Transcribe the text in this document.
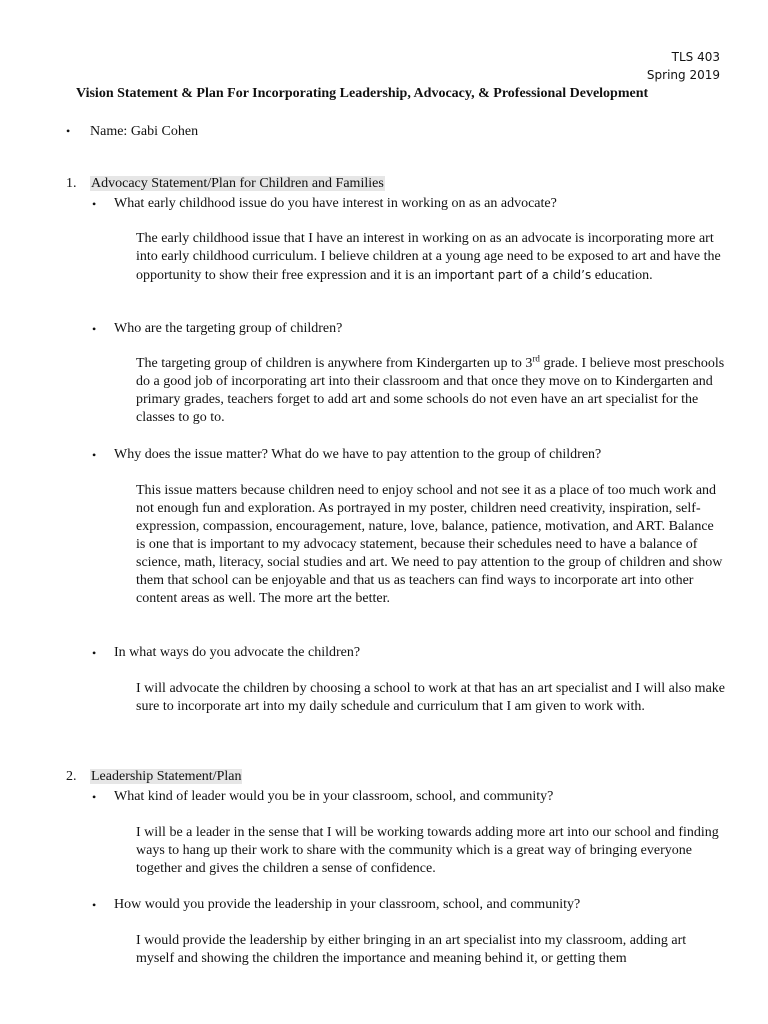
TLS 403
Spring 2019
Vision Statement & Plan For Incorporating Leadership, Advocacy, & Professional Development
• Name: Gabi Cohen
1. Advocacy Statement/Plan for Children and Families
• What early childhood issue do you have interest in working on as an advocate?
The early childhood issue that I have an interest in working on as an advocate is incorporating more art into early childhood curriculum. I believe children at a young age need to be exposed to art and have the opportunity to show their free expression and it is an important part of a child’s education.
• Who are the targeting group of children?
The targeting group of children is anywhere from Kindergarten up to 3rd grade. I believe most preschools do a good job of incorporating art into their classroom and that once they move on to Kindergarten and primary grades, teachers forget to add art and some schools do not even have an art specialist for the classes to go to.
• Why does the issue matter? What do we have to pay attention to the group of children?
This issue matters because children need to enjoy school and not see it as a place of too much work and not enough fun and exploration. As portrayed in my poster, children need creativity, inspiration, self-expression, compassion, encouragement, nature, love, balance, patience, motivation, and ART. Balance is one that is important to my advocacy statement, because their schedules need to have a balance of science, math, literacy, social studies and art. We need to pay attention to the group of children and show them that school can be enjoyable and that us as teachers can find ways to incorporate art into other content areas as well. The more art the better.
• In what ways do you advocate the children?
I will advocate the children by choosing a school to work at that has an art specialist and I will also make sure to incorporate art into my daily schedule and curriculum that I am given to work with.
2. Leadership Statement/Plan
• What kind of leader would you be in your classroom, school, and community?
I will be a leader in the sense that I will be working towards adding more art into our school and finding ways to hang up their work to share with the community which is a great way of bringing everyone together and gives the children a sense of confidence.
• How would you provide the leadership in your classroom, school, and community?
I would provide the leadership by either bringing in an art specialist into my classroom, adding art myself and showing the children the importance and meaning behind it, or getting them
